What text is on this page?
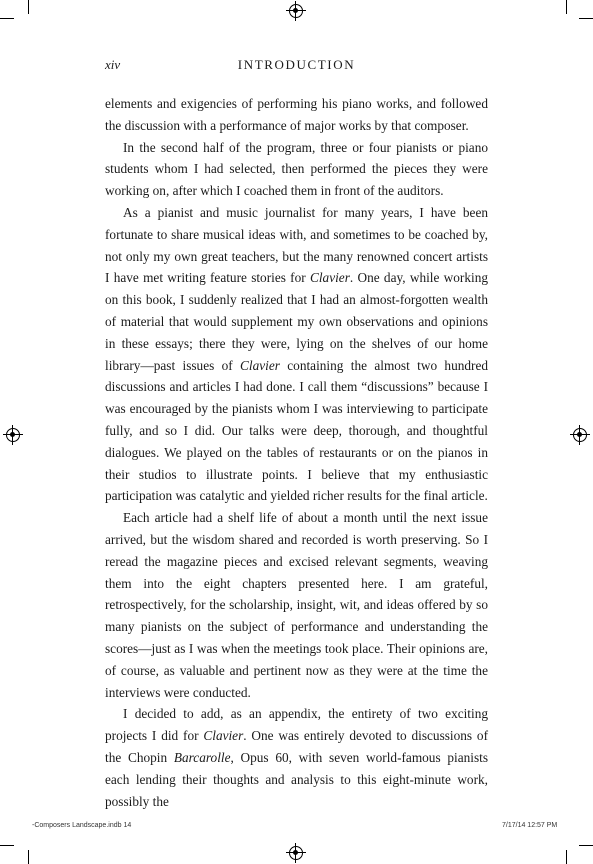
xiv	INTRODUCTION

elements and exigencies of performing his piano works, and followed the discussion with a performance of major works by that composer.

In the second half of the program, three or four pianists or piano students whom I had selected, then performed the pieces they were working on, after which I coached them in front of the auditors.

As a pianist and music journalist for many years, I have been fortunate to share musical ideas with, and sometimes to be coached by, not only my own great teachers, but the many renowned concert artists I have met writing feature stories for Clavier. One day, while working on this book, I suddenly realized that I had an almost-forgotten wealth of material that would supplement my own observations and opinions in these essays; there they were, lying on the shelves of our home library—past issues of Clavier containing the almost two hundred discussions and articles I had done. I call them “discussions” because I was encouraged by the pianists whom I was interviewing to participate fully, and so I did. Our talks were deep, thorough, and thoughtful dialogues. We played on the tables of restaurants or on the pianos in their studios to illustrate points. I believe that my enthusiastic participation was catalytic and yielded richer results for the final article.

Each article had a shelf life of about a month until the next issue arrived, but the wisdom shared and recorded is worth preserving. So I reread the magazine pieces and excised relevant segments, weaving them into the eight chapters presented here. I am grateful, retrospectively, for the scholarship, insight, wit, and ideas offered by so many pianists on the subject of performance and understanding the scores—just as I was when the meetings took place. Their opinions are, of course, as valuable and pertinent now as they were at the time the interviews were conducted.

I decided to add, as an appendix, the entirety of two exciting projects I did for Clavier. One was entirely devoted to discussions of the Chopin Barcarolle, Opus 60, with seven world-famous pianists each lending their thoughts and analysis to this eight-minute work, possibly the

-Composers Landscape.indb 14	7/17/14 12:57 PM
